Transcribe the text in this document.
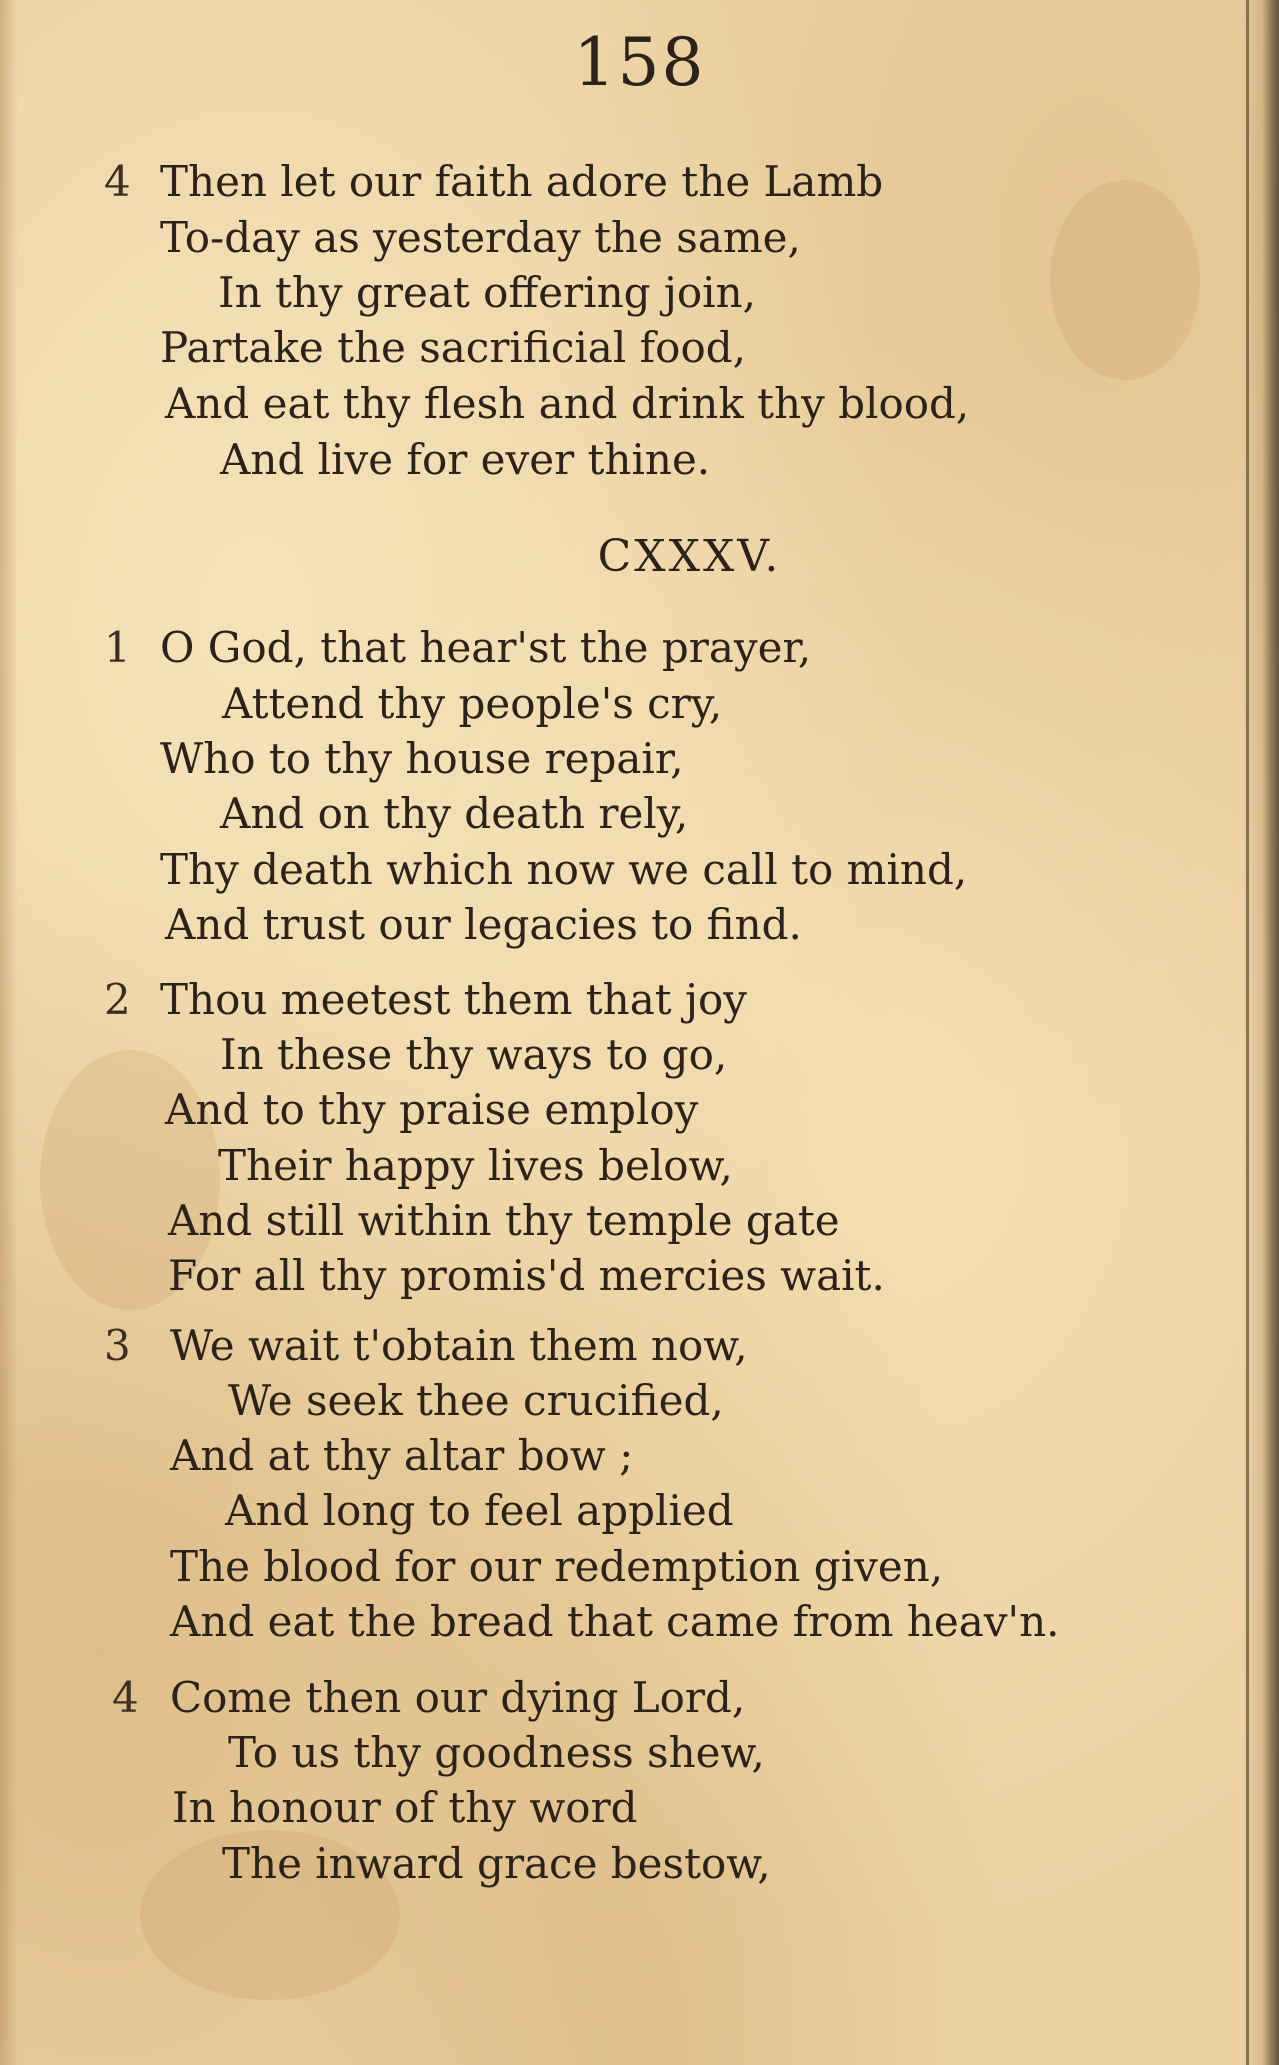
158
4 Then let our faith adore the Lamb
To-day as yesterday the same,
In thy great offering join,
Partake the sacrificial food,
And eat thy flesh and drink thy blood,
And live for ever thine.
CXXXV.
1 O God, that hear'st the prayer,
Attend thy people's cry,
Who to thy house repair,
And on thy death rely,
Thy death which now we call to mind,
And trust our legacies to find.
2 Thou meetest them that joy
In these thy ways to go,
And to thy praise employ
Their happy lives below,
And still within thy temple gate
For all thy promis'd mercies wait.
3 We wait t'obtain them now,
We seek thee crucified,
And at thy altar bow ;
And long to feel applied
The blood for our redemption given,
And eat the bread that came from heav'n.
4 Come then our dying Lord,
To us thy goodness shew,
In honour of thy word
The inward grace bestow,
